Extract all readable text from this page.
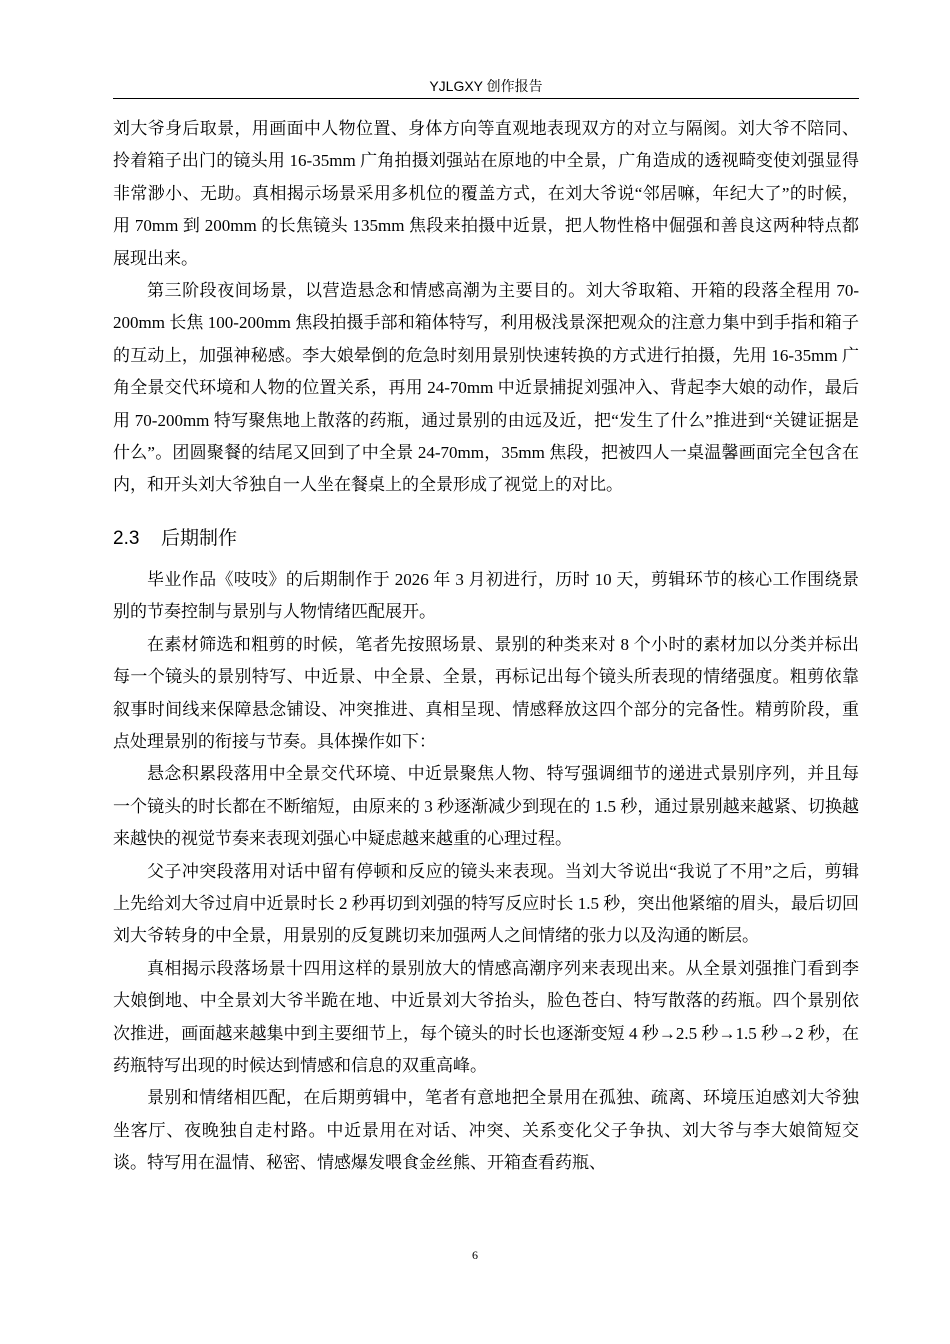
YJLGXY 创作报告

刘大爷身后取景，用画面中人物位置、身体方向等直观地表现双方的对立与隔阂。刘大爷不陪同、拎着箱子出门的镜头用 16-35mm 广角拍摄刘强站在原地的中全景，广角造成的透视畸变使刘强显得非常渺小、无助。真相揭示场景采用多机位的覆盖方式，在刘大爷说“邻居嘛，年纪大了”的时候，用 70mm 到 200mm 的长焦镜头 135mm 焦段来拍摄中近景，把人物性格中倔强和善良这两种特点都展现出来。

第三阶段夜间场景，以营造悬念和情感高潮为主要目的。刘大爷取箱、开箱的段落全程用 70-200mm 长焦 100-200mm 焦段拍摄手部和箱体特写，利用极浅景深把观众的注意力集中到手指和箱子的互动上，加强神秘感。李大娘晕倒的危急时刻用景别快速转换的方式进行拍摄，先用 16-35mm 广角全景交代环境和人物的位置关系，再用 24-70mm 中近景捕捉刘强冲入、背起李大娘的动作，最后用 70-200mm 特写聚焦地上散落的药瓶，通过景别的由远及近，把“发生了什么”推进到“关键证据是什么”。团圆聚餐的结尾又回到了中全景 24-70mm，35mm 焦段，把被四人一桌温馨画面完全包含在内，和开头刘大爷独自一人坐在餐桌上的全景形成了视觉上的对比。

2.3 后期制作

毕业作品《吱吱》的后期制作于 2026 年 3 月初进行，历时 10 天，剪辑环节的核心工作围绕景别的节奏控制与景别与人物情绪匹配展开。

在素材筛选和粗剪的时候，笔者先按照场景、景别的种类来对 8 个小时的素材加以分类并标出每一个镜头的景别特写、中近景、中全景、全景，再标记出每个镜头所表现的情绪强度。粗剪依靠叙事时间线来保障悬念铺设、冲突推进、真相呈现、情感释放这四个部分的完备性。精剪阶段，重点处理景别的衔接与节奏。具体操作如下：

悬念积累段落用中全景交代环境、中近景聚焦人物、特写强调细节的递进式景别序列，并且每一个镜头的时长都在不断缩短，由原来的 3 秒逐渐减少到现在的 1.5 秒，通过景别越来越紧、切换越来越快的视觉节奏来表现刘强心中疑虑越来越重的心理过程。

父子冲突段落用对话中留有停顿和反应的镜头来表现。当刘大爷说出“我说了不用”之后，剪辑上先给刘大爷过肩中近景时长 2 秒再切到刘强的特写反应时长 1.5 秒，突出他紧缩的眉头，最后切回刘大爷转身的中全景，用景别的反复跳切来加强两人之间情绪的张力以及沟通的断层。

真相揭示段落场景十四用这样的景别放大的情感高潮序列来表现出来。从全景刘强推门看到李大娘倒地、中全景刘大爷半跪在地、中近景刘大爷抬头，脸色苍白、特写散落的药瓶。四个景别依次推进，画面越来越集中到主要细节上，每个镜头的时长也逐渐变短 4 秒→2.5 秒→1.5 秒→2 秒，在药瓶特写出现的时候达到情感和信息的双重高峰。

景别和情绪相匹配，在后期剪辑中，笔者有意地把全景用在孤独、疏离、环境压迫感刘大爷独坐客厅、夜晚独自走村路。中近景用在对话、冲突、关系变化父子争执、刘大爷与李大娘简短交谈。特写用在温情、秘密、情感爆发喂食金丝熊、开箱查看药瓶、

6
